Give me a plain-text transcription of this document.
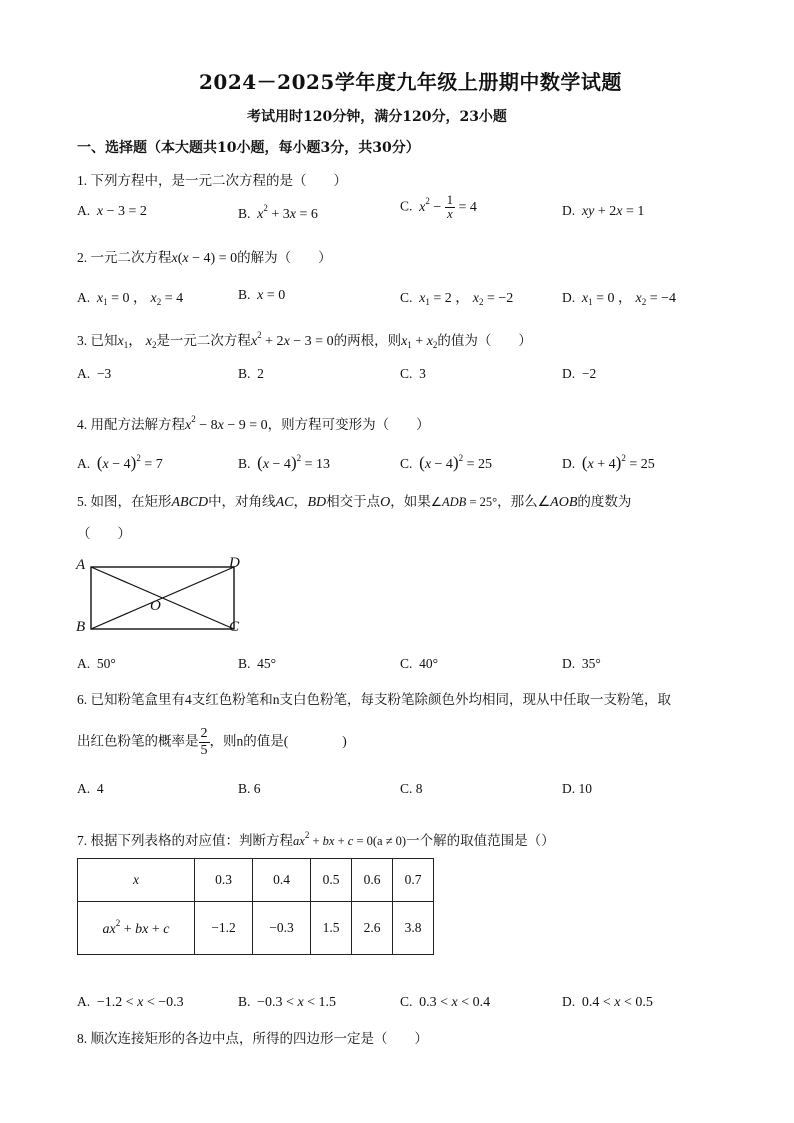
2024－2025学年度九年级上册期中数学试题
考试用时120分钟，满分120分，23小题
一、选择题（本大题共10小题，每小题3分，共30分）
1. 下列方程中，是一元二次方程的是（　　）
A. x − 3 = 2	B. $x^2 + 3x = 6$
C. $x^2 - \frac{1}{x} = 4$	D. xy + 2x = 1
2. 一元二次方程x(x − 4) = 0的解为（　　）
A. $x_1 = 0$ ， $x_2 = 4$	B. x = 0	C. $x_1 = 2$ ， $x_2 = -2$	D. $x_1 = 0$ ， $x_2 = -4$
3. 已知$x_1$， $x_2$是一元二次方程$x^2 + 2x - 3 = 0$的两根，则$x_1 + x_2$的值为（　　）
A. −3	B. 2	C. 3	D. −2
4. 用配方法解方程$x^2 - 8x - 9 = 0$，则方程可变形为（　　）
A. $(x - 4)^2 = 7$	B. $(x - 4)^2 = 13$	C. $(x - 4)^2 = 25$	D. $(x + 4)^2 = 25$
5. 如图，在矩形ABCD中，对角线AC，BD相交于点O，如果∠ADB = 25°，那么∠AOB的度数为
（　　）
A	D
O
B	C
A. 50°	B. 45°	C. 40°	D. 35°
6. 已知粉笔盒里有4支红色粉笔和n支白色粉笔，每支粉笔除颜色外均相同，现从中任取一支粉笔，取
出红色粉笔的概率是 $\frac{2}{5}$ ，则n的值是(　　　　)
A. 4	B. 6	C. 8	D. 10
7. 根据下列表格的对应值：判断方程$ax^2$ + bx + c = 0(a ≠ 0)一个解的取值范围是（）
x	0.3	0.4	0.5	0.6	0.7
$ax^2$ + bx + c	−1.2	−0.3	1.5	2.6	3.8
A. −1.2 < x < −0.3	B. −0.3 < x < 1.5	C. 0.3 < x < 0.4	D. 0.4 < x < 0.5
8. 顺次连接矩形的各边中点，所得的四边形一定是（　　）
